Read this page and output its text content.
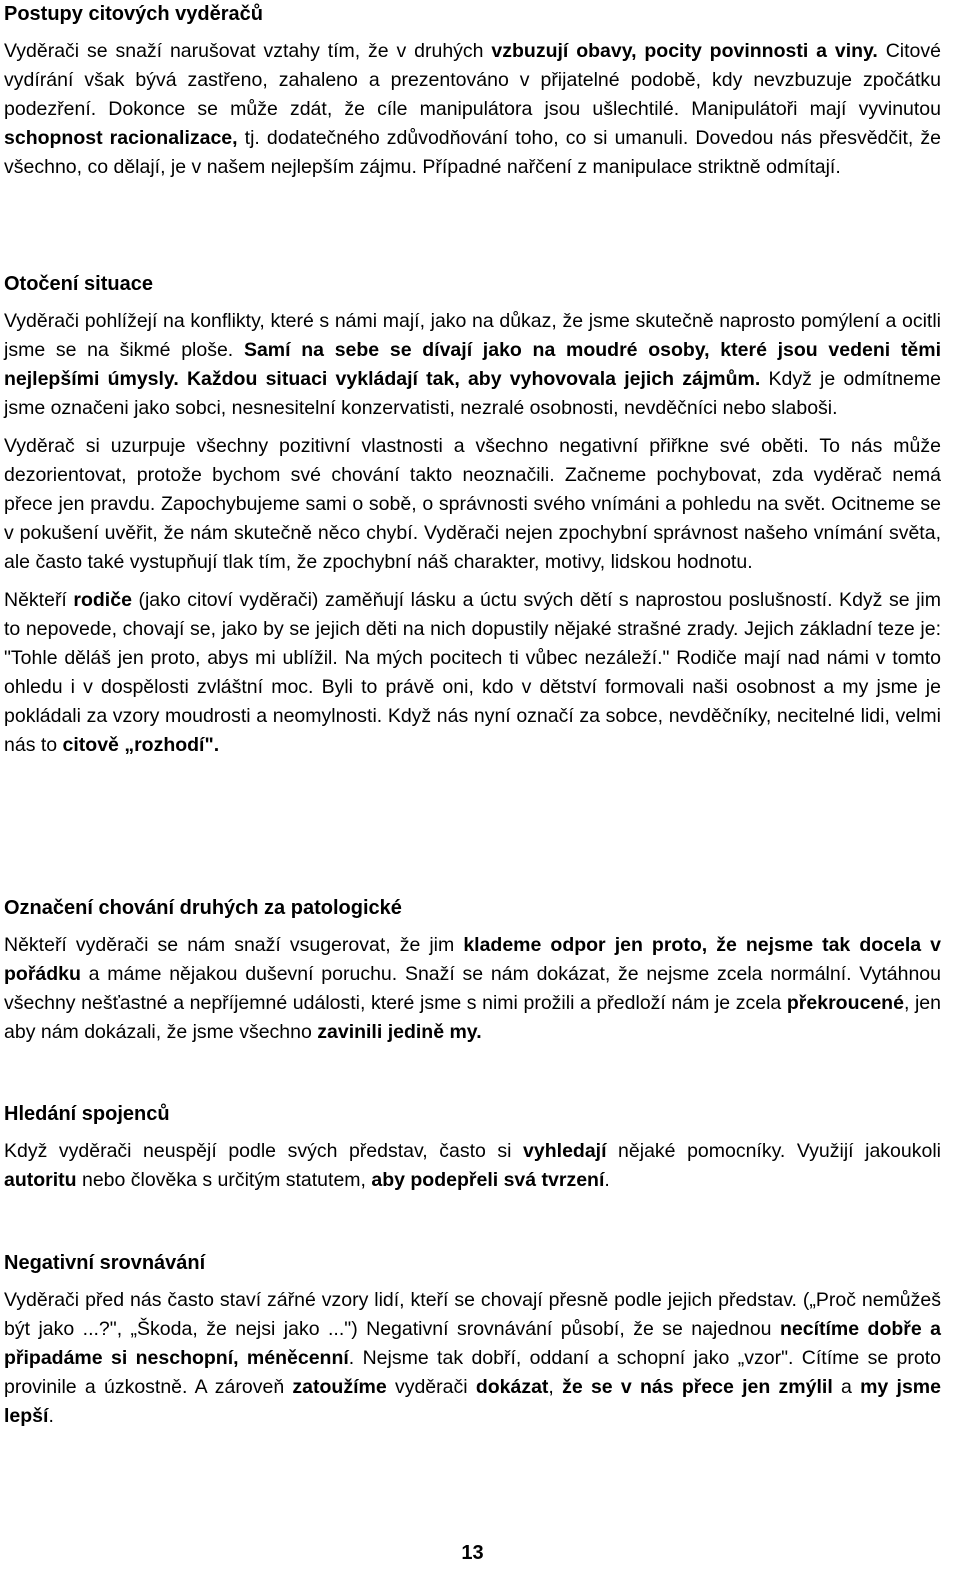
Postupy citových vyděračů

Vyděrači se snaží narušovat vztahy tím, že v druhých vzbuzují obavy, pocity povinnosti a viny. Citové vydírání však bývá zastřeno, zahaleno a prezentováno v přijatelné podobě, kdy nevzbuzuje zpočátku podezření. Dokonce se může zdát, že cíle manipulátora jsou ušlechtilé. Manipulátoři mají vyvinutou schopnost racionalizace, tj. dodatečného zdůvodňování toho, co si umanuli. Dovedou nás přesvědčit, že všechno, co dělají, je v našem nejlepším zájmu. Případné nařčení z manipulace striktně odmítají.

Otočení situace

Vyděrači pohlížejí na konflikty, které s námi mají, jako na důkaz, že jsme skutečně naprosto pomýlení a ocitli jsme se na šikmé ploše. Samí na sebe se dívají jako na moudré osoby, které jsou vedeni těmi nejlepšími úmysly. Každou situaci vykládají tak, aby vyhovovala jejich zájmům. Když je odmítneme jsme označeni jako sobci, nesnesitelní konzervatisti, nezralé osobnosti, nevděčníci nebo slaboši.

Vyděrač si uzurpuje všechny pozitivní vlastnosti a všechno negativní přiřkne své oběti. To nás může dezorientovat, protože bychom své chování takto neoznačili. Začneme pochybovat, zda vyděrač nemá přece jen pravdu. Zapochybujeme sami o sobě, o správnosti svého vnímáni a pohledu na svět. Ocitneme se v pokušení uvěřit, že nám skutečně něco chybí. Vyděrači nejen zpochybní správnost našeho vnímání světa, ale často také vystupňují tlak tím, že zpochybní náš charakter, motivy, lidskou hodnotu.

Někteří rodiče (jako citoví vyděrači) zaměňují lásku a úctu svých dětí s naprostou poslušností. Když se jim to nepovede, chovají se, jako by se jejich děti na nich dopustily nějaké strašné zrady. Jejich základní teze je: "Tohle děláš jen proto, abys mi ublížil. Na mých pocitech ti vůbec nezáleží." Rodiče mají nad námi v tomto ohledu i v dospělosti zvláštní moc. Byli to právě oni, kdo v dětství formovali naši osobnost a my jsme je pokládali za vzory moudrosti a neomylnosti. Když nás nyní označí za sobce, nevděčníky, necitelné lidi, velmi nás to citově „rozhodí".

Označení chování druhých za patologické

Někteří vyděrači se nám snaží vsugerovat, že jim klademe odpor jen proto, že nejsme tak docela v pořádku a máme nějakou duševní poruchu. Snaží se nám dokázat, že nejsme zcela normální. Vytáhnou všechny nešťastné a nepříjemné události, které jsme s nimi prožili a předloží nám je zcela překroucené, jen aby nám dokázali, že jsme všechno zavinili jedině my.

Hledání spojenců

Když vyděrači neuspějí podle svých představ, často si vyhledají nějaké pomocníky. Využijí jakoukoli autoritu nebo člověka s určitým statutem, aby podepřeli svá tvrzení.

Negativní srovnávání

Vyděrači před nás často staví zářné vzory lidí, kteří se chovají přesně podle jejich představ. („Proč nemůžeš být jako ...?", „Škoda, že nejsi jako ...") Negativní srovnávání působí, že se najednou necítíme dobře a připadáme si neschopní, méněcenní. Nejsme tak dobří, oddaní a schopní jako „vzor". Cítíme se proto provinile a úzkostně. A zároveň zatoužíme vyděrači dokázat, že se v nás přece jen zmýlil a my jsme lepší.

13
